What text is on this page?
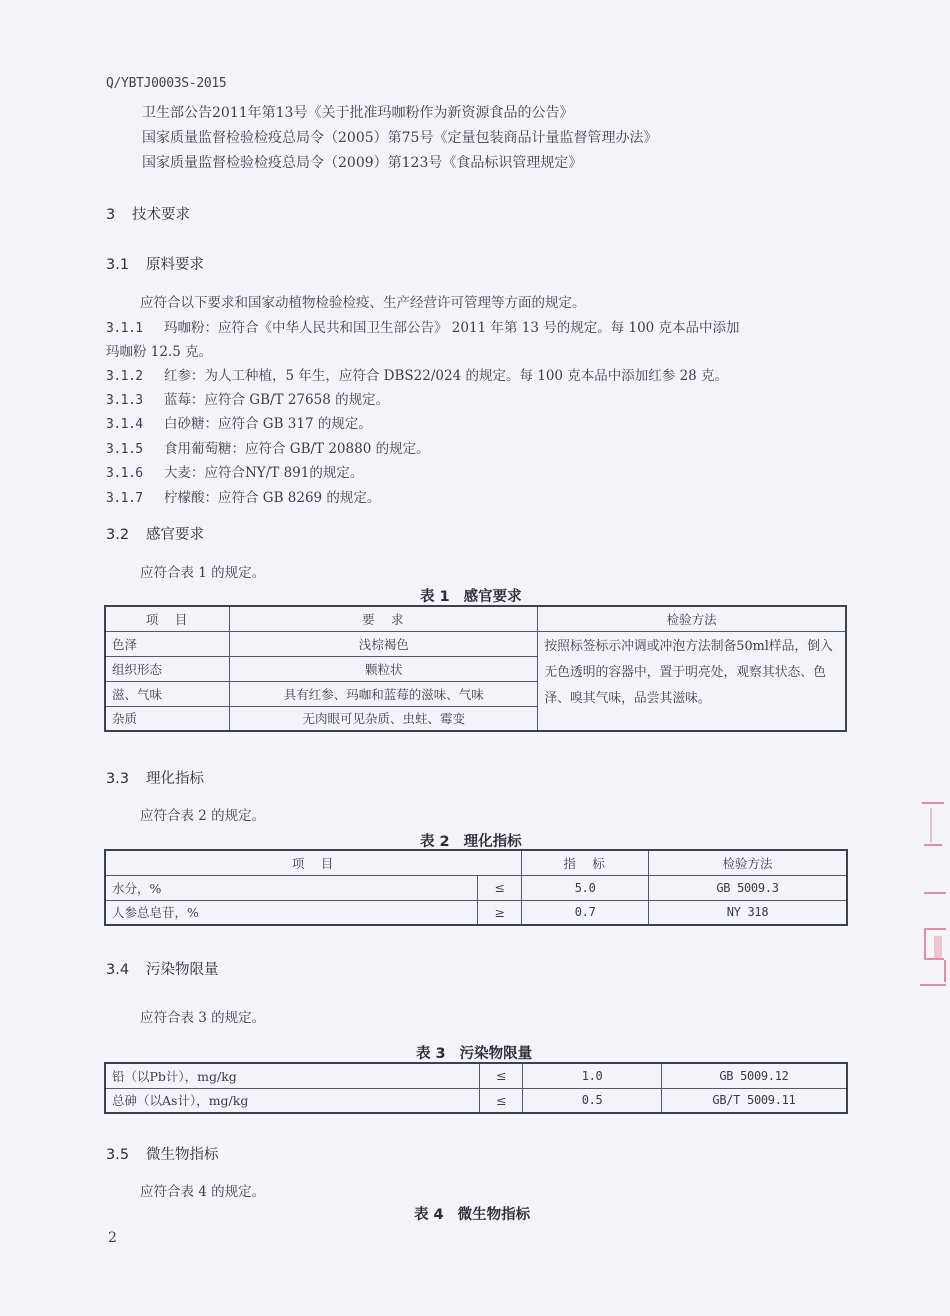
Q/YBTJ0003S-2015
卫生部公告2011年第13号《关于批准玛咖粉作为新资源食品的公告》
国家质量监督检验检疫总局令（2005）第75号《定量包装商品计量监督管理办法》
国家质量监督检验检疫总局令（2009）第123号《食品标识管理规定》
3 技术要求
3.1 原料要求
应符合以下要求和国家动植物检验检疫、生产经营许可管理等方面的规定。
3.1.1 玛咖粉：应符合《中华人民共和国卫生部公告》 2011 年第 13 号的规定。每 100 克本品中添加
玛咖粉 12.5 克。
3.1.2 红参：为人工种植，5 年生，应符合 DBS22/024 的规定。每 100 克本品中添加红参 28 克。
3.1.3 蓝莓：应符合 GB/T 27658 的规定。
3.1.4 白砂糖：应符合 GB 317 的规定。
3.1.5 食用葡萄糖：应符合 GB/T 20880 的规定。
3.1.6 大麦：应符合NY/T 891的规定。
3.1.7 柠檬酸：应符合 GB 8269 的规定。
3.2 感官要求
应符合表 1 的规定。
表 1 感官要求
项　目	要　求	检验方法
色泽	浅棕褐色	按照标签标示冲调或冲泡方法制备50ml样品，倒入无色透明的容器中，置于明亮处，观察其状态、色泽、嗅其气味，品尝其滋味。
组织形态	颗粒状	
滋、气味	具有红参、玛咖和蓝莓的滋味、气味	
杂质	无肉眼可见杂质、虫蛀、霉变	
3.3 理化指标
应符合表 2 的规定。
表 2 理化指标
项　目		指　标	检验方法
水分，%	≤	5.0	GB 5009.3
人参总皂苷，%	≥	0.7	NY 318
3.4 污染物限量
应符合表 3 的规定。
表 3 污染物限量
铅（以Pb计），mg/kg	≤	1.0	GB 5009.12
总砷（以As计），mg/kg	≤	0.5	GB/T 5009.11
3.5 微生物指标
应符合表 4 的规定。
表 4 微生物指标
2
